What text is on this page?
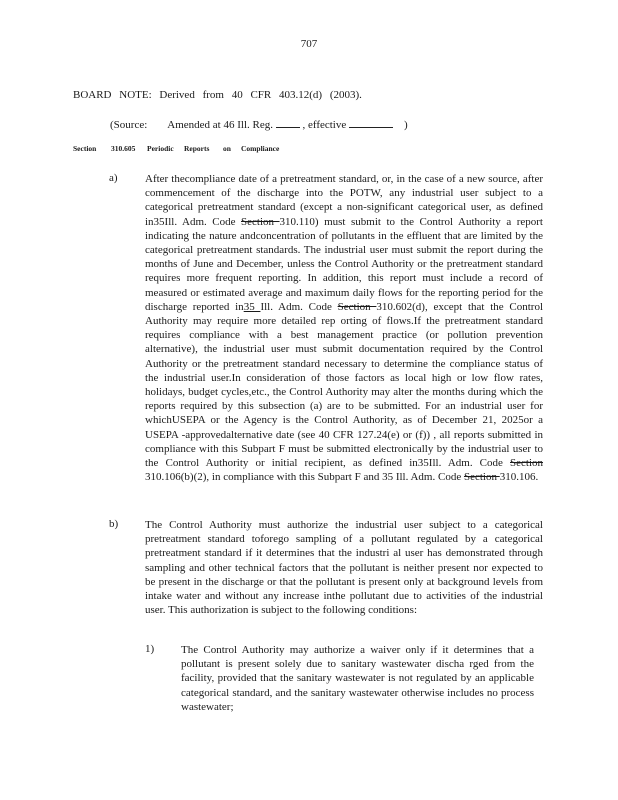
707
BOARD NOTE: Derived from 40 CFR 403.12(d) (2003).
(Source: Amended at 46 Ill. Reg.	, effective	)
Section 310.605 Periodic Reports on Compliance
a) After thecompliance date of a pretreatment standard, or, in the case of a new source, after commencement of the discharge into the POTW, any industrial user subject to a categorical pretreatment standard (except a non-significant categorical user, as defined in35Ill. Adm. Code Section 310.110) must submit to the Control Authority a report indicating the nature andconcentration of pollutants in the effluent that are limited by the categorical pretreatment standards. The industrial user must submit the report during the months of June and December, unless the Control Authority or the pretreatment standard requires more frequent reporting. In addition, this report must include a record of measured or estimated average and maximum daily flows for the reporting period for the discharge reported in35 Ill. Adm. Code Section 310.602(d), except that the Control Authority may require more detailed rep orting of flows.If the pretreatment standard requires compliance with a best management practice (or pollution prevention alternative), the industrial user must submit documentation required by the Control Authority or the pretreatment standard necessary to determine the compliance status of the industrial user.In consideration of those factors as local high or low flow rates, holidays, budget cycles,etc., the Control Authority may alter the months during which the reports required by this subsection (a) are to be submitted. For an industrial user for whichUSEPA or the Agency is the Control Authority, as of December 21, 2025or a USEPA -approvedalternative date (see 40 CFR 127.24(e) or (f)) , all reports submitted in compliance with this Subpart F must be submitted electronically by the industrial user to the Control Authority or initial recipient, as defined in35Ill. Adm. Code Section 310.106(b)(2), in compliance with this Subpart F and 35 Ill. Adm. Code Section 310.106.
b) The Control Authority must authorize the industrial user subject to a categorical pretreatment standard toforego sampling of a pollutant regulated by a categorical pretreatment standard if it determines that the industri al user has demonstrated through sampling and other technical factors that the pollutant is neither present nor expected to be present in the discharge or that the pollutant is present only at background levels from intake water and without any increase inthe pollutant due to activities of the industrial user. This authorization is subject to the following conditions:
1) The Control Authority may authorize a waiver only if it determines that a pollutant is present solely due to sanitary wastewater discha rged from the facility, provided that the sanitary wastewater is not regulated by an applicable categorical standard, and the sanitary wastewater otherwise includes no process wastewater;
